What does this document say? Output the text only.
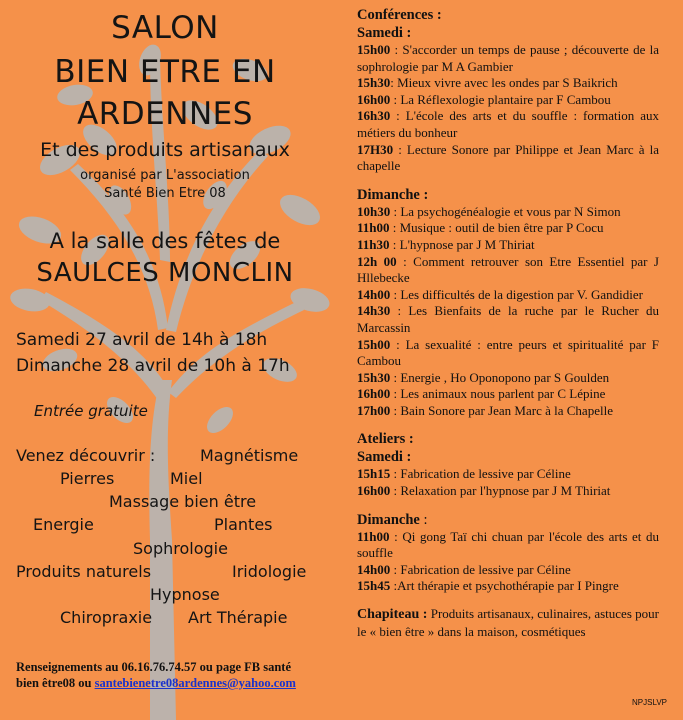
SALON
BIEN ETRE EN
ARDENNES
Et des produits artisanaux
organisé par L'association
Santé Bien Etre 08
A la salle des fêtes de
SAULCES MONCLIN
Samedi 27 avril de 14h à 18h
Dimanche 28 avril de 10h à 17h
Entrée gratuite
Venez découvrir :	Magnétisme
Pierres	Miel
Massage bien être
Energie	Plantes
Sophrologie
Produits naturels	Iridologie
Hypnose
Chiropraxie Art Thérapie
Renseignements au 06.16.76.74.57 ou page FB santé
bien être08 ou santebienetre08ardennes@yahoo.com
Conférences :
Samedi :
15h00 : S'accorder un temps de pause ; découverte de la sophrologie par M A Gambier
15h30: Mieux vivre avec les ondes par S Baikrich
16h00 : La Réflexologie plantaire par F Cambou
16h30 : L'école des arts et du souffle : formation aux métiers du bonheur
17H30 : Lecture Sonore par Philippe et Jean Marc à la chapelle
Dimanche :
10h30 : La psychogénéalogie et vous par N Simon
11h00 : Musique : outil de bien être par P Cocu
11h30 : L'hypnose par J M Thiriat
12h 00 : Comment retrouver son Etre Essentiel par J Hllebecke
14h00 : Les difficultés de la digestion par V. Gandidier
14h30 : Les Bienfaits de la ruche par le Rucher du Marcassin
15h00 : La sexualité : entre peurs et spiritualité par F Cambou
15h30 : Energie , Ho Oponopono par S Goulden
16h00 : Les animaux nous parlent par C Lépine
17h00 : Bain Sonore par Jean Marc à la Chapelle
Ateliers :
Samedi :
15h15 : Fabrication de lessive par Céline
16h00 : Relaxation par l'hypnose par J M Thiriat
Dimanche :
11h00 : Qi gong Taï chi chuan par l'école des arts et du souffle
14h00 : Fabrication de lessive par Céline
15h45 :Art thérapie et psychothérapie par I Pingre
Chapiteau : Produits artisanaux, culinaires, astuces pour le « bien être » dans la maison, cosmétiques
NPJSLVP
